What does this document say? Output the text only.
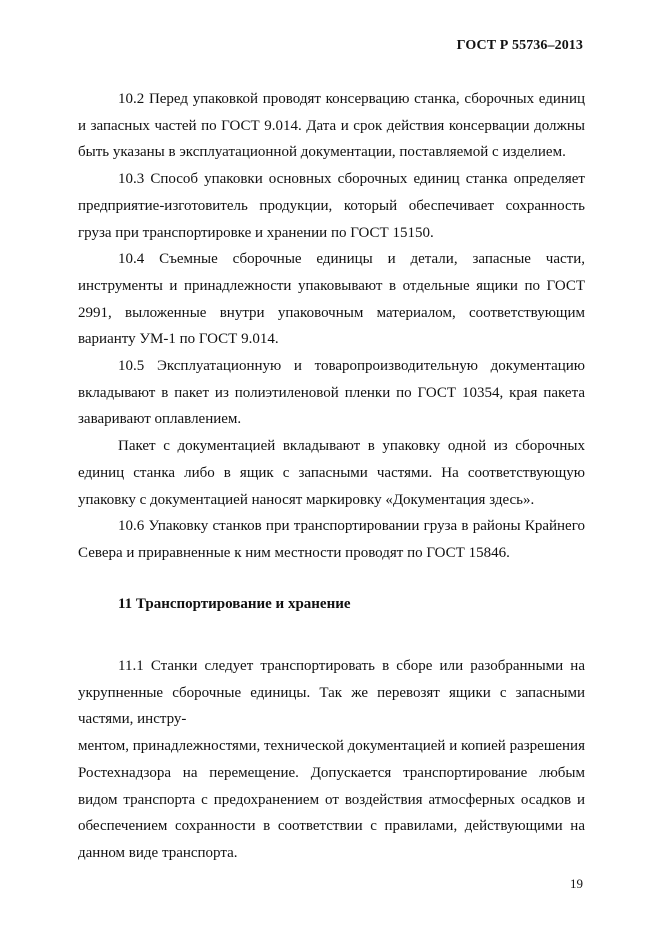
ГОСТ Р 55736–2013

10.2 Перед упаковкой проводят консервацию станка, сборочных единиц и запасных частей по ГОСТ 9.014. Дата и срок действия консервации должны быть указаны в эксплуатационной документации, поставляемой с изделием.

10.3 Способ упаковки основных сборочных единиц станка определяет предприятие-изготовитель продукции, который обеспечивает сохранность груза при транспортировке и хранении по ГОСТ 15150.

10.4 Съемные сборочные единицы и детали, запасные части, инструменты и принадлежности упаковывают в отдельные ящики по ГОСТ 2991, выложенные внутри упаковочным материалом, соответствующим варианту УМ-1 по ГОСТ 9.014.

10.5 Эксплуатационную и товаропроизводительную документацию вкладывают в пакет из полиэтиленовой пленки по ГОСТ 10354, края пакета заваривают оплавлением.

Пакет с документацией вкладывают в упаковку одной из сборочных единиц станка либо в ящик с запасными частями. На соответствующую упаковку с документацией наносят маркировку «Документация здесь».

10.6 Упаковку станков при транспортировании груза в районы Крайнего Севера и приравненные к ним местности проводят по ГОСТ 15846.

11 Транспортирование и хранение

11.1 Станки следует транспортировать в сборе или разобранными на укрупненные сборочные единицы. Так же перевозят ящики с запасными частями, инстру-

ментом, принадлежностями, технической документацией и копией разрешения Ростехнадзора на перемещение. Допускается транспортирование любым видом транспорта с предохранением от воздействия атмосферных осадков и обеспечением сохранности в соответствии с правилами, действующими на данном виде транспорта.

19
